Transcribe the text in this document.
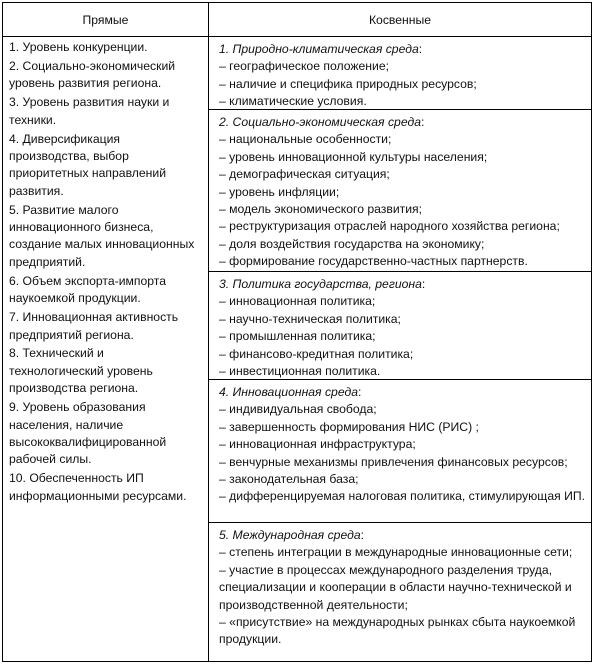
Прямые	Косвенные

1. Уровень конкуренции.

2. Социально-экономический уровень развития региона.

3. Уровень развития науки и техники.

4. Диверсификация производства, выбор приоритетных направлений развития.

5. Развитие малого инновационного бизнеса, создание малых инновационных предприятий.

6. Объем экспорта-импорта наукоемкой продукции.

7. Инновационная активность предприятий региона.

8. Технический и технологический уровень производства региона.

9. Уровень образования населения, наличие высококвалифицированной рабочей силы.

10. Обеспеченность ИП информационными ресурсами.

1. Природно-климатическая среда:
– географическое положение;
– наличие и специфика природных ресурсов;
– климатические условия.
2. Социально-экономическая среда:
– национальные особенности;
– уровень инновационной культуры населения;
– демографическая ситуация;
– уровень инфляции;
– модель экономического развития;
– реструктуризация отраслей народного хозяйства региона;
– доля воздействия государства на экономику;
– формирование государственно-частных партнерств.
3. Политика государства, региона:
– инновационная политика;
– научно-техническая политика;
– промышленная политика;
– финансово-кредитная политика;
– инвестиционная политика.
4. Инновационная среда:
– индивидуальная свобода;
– завершенность формирования НИС (РИС) ;
– инновационная инфраструктура;
– венчурные механизмы привлечения финансовых ресурсов;
– законодательная база;
– дифференцируемая налоговая политика, стимулирующая ИП.
5. Международная среда:
– степень интеграции в международные инновационные сети;
– участие в процессах международного разделения труда, специализации и кооперации в области научно-технической и производственной деятельности;
– «присутствие» на международных рынках сбыта наукоемкой продукции.
